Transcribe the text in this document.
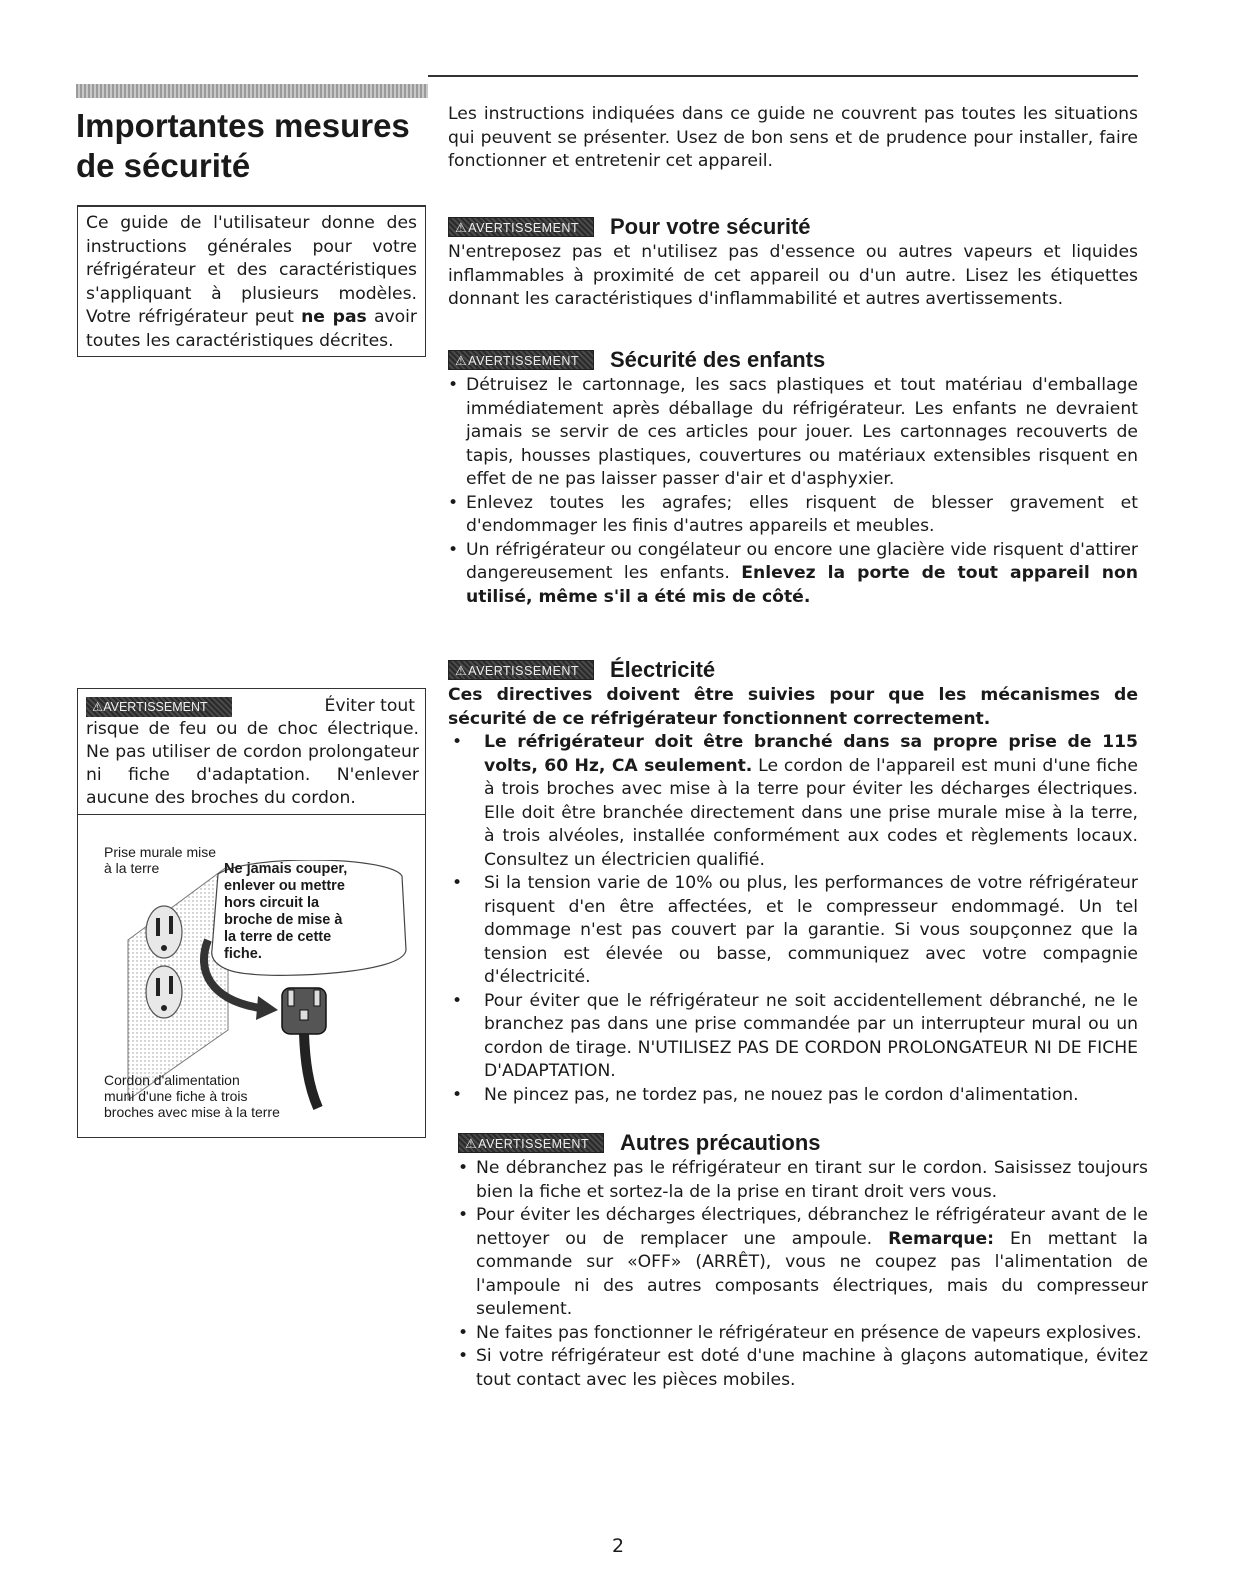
Importantes mesures
de sécurité
Ce guide de l'utilisateur donne des instructions générales pour votre réfrigérateur et des caractéristiques s'appliquant à plusieurs modèles. Votre réfrigérateur peut ne pas avoir toutes les caractéristiques décrites.

Les instructions indiquées dans ce guide ne couvrent pas toutes les situations qui peuvent se présenter. Usez de bon sens et de prudence pour installer, faire fonctionner et entretenir cet appareil.

⚠AVERTISSEMENT	Pour votre sécurité

N'entreposez pas et n'utilisez pas d'essence ou autres vapeurs et liquides inflammables à proximité de cet appareil ou d'un autre. Lisez les étiquettes donnant les caractéristiques d'inflammabilité et autres avertissements.

⚠AVERTISSEMENT	Sécurité des enfants
• Détruisez le cartonnage, les sacs plastiques et tout matériau d'emballage immédiatement après déballage du réfrigérateur. Les enfants ne devraient jamais se servir de ces articles pour jouer. Les cartonnages recouverts de tapis, housses plastiques, couvertures ou matériaux extensibles risquent en effet de ne pas laisser passer d'air et d'asphyxier.
• Enlevez toutes les agrafes; elles risquent de blesser gravement et d'endommager les finis d'autres appareils et meubles.
• Un réfrigérateur ou congélateur ou encore une glacière vide risquent d'attirer dangereusement les enfants. Enlevez la porte de tout appareil non utilisé, même s'il a été mis de côté.
⚠AVERTISSEMENT	Électricité

Ces directives doivent être suivies pour que les mécanismes de sécurité de ce réfrigérateur fonctionnent correctement.

• Le réfrigérateur doit être branché dans sa propre prise de 115 volts, 60 Hz, CA seulement. Le cordon de l'appareil est muni d'une fiche à trois broches avec mise à la terre pour éviter les décharges électriques. Elle doit être branchée directement dans une prise murale mise à la terre, à trois alvéoles, installée conformément aux codes et règlements locaux. Consultez un électricien qualifié.
• Si la tension varie de 10% ou plus, les performances de votre réfrigérateur risquent d'en être affectées, et le compresseur endommagé. Un tel dommage n'est pas couvert par la garantie. Si vous soupçonnez que la tension est élevée ou basse, communiquez avec votre compagnie d'électricité.
• Pour éviter que le réfrigérateur ne soit accidentellement débranché, ne le branchez pas dans une prise commandée par un interrupteur mural ou un cordon de tirage. N'UTILISEZ PAS DE CORDON PROLONGATEUR NI DE FICHE D'ADAPTATION.
• Ne pincez pas, ne tordez pas, ne nouez pas le cordon d'alimentation.
⚠AVERTISSEMENT	Autres précautions
• Ne débranchez pas le réfrigérateur en tirant sur le cordon. Saisissez toujours bien la fiche et sortez-la de la prise en tirant droit vers vous.
• Pour éviter les décharges électriques, débranchez le réfrigérateur avant de le nettoyer ou de remplacer une ampoule. Remarque: En mettant la commande sur «OFF» (ARRÊT), vous ne coupez pas l'alimentation de l'ampoule ni des autres composants électriques, mais du compresseur seulement.
• Ne faites pas fonctionner le réfrigérateur en présence de vapeurs explosives.
• Si votre réfrigérateur est doté d'une machine à glaçons automatique, évitez tout contact avec les pièces mobiles.
⚠AVERTISSEMENT	Éviter tout
risque de feu ou de choc électrique. Ne pas utiliser de cordon prolongateur ni fiche d'adaptation. N'enlever aucune des broches du cordon.
Prise murale mise
à la terre	Ne jamais couper,
enlever ou mettre
hors circuit la
broche de mise à
la terre de cette
fiche.
Cordon d'alimentation
muni d'une fiche à trois
broches avec mise à la terre
2
